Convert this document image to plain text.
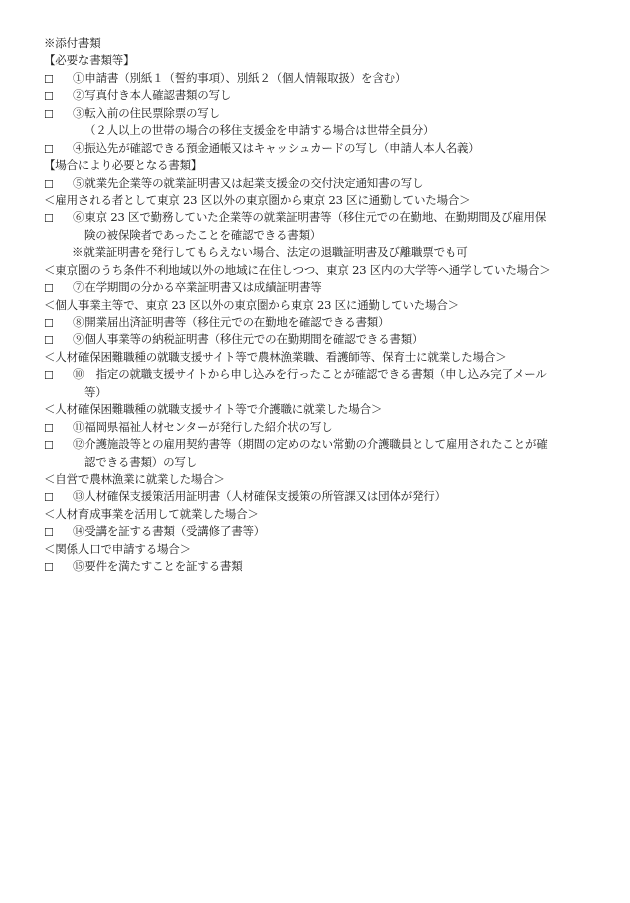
※添付書類
【必要な書類等】
☐ ①申請書（別紙１（誓約事項）、別紙２（個人情報取扱）を含む）
☐ ②写真付き本人確認書類の写し
☐ ③転入前の住民票除票の写し
（２人以上の世帯の場合の移住支援金を申請する場合は世帯全員分）
☐ ④振込先が確認できる預金通帳又はキャッシュカードの写し（申請人本人名義）
【場合により必要となる書類】
☐ ⑤就業先企業等の就業証明書又は起業支援金の交付決定通知書の写し
＜雇用される者として東京 23 区以外の東京圏から東京 23 区に通勤していた場合＞
☐ ⑥東京 23 区で勤務していた企業等の就業証明書等（移住元での在勤地、在勤期間及び雇用保
険の被保険者であったことを確認できる書類）
※就業証明書を発行してもらえない場合、法定の退職証明書及び離職票でも可
＜東京圏のうち条件不利地域以外の地域に在住しつつ、東京 23 区内の大学等へ通学していた場合＞
☐ ⑦在学期間の分かる卒業証明書又は成績証明書等
＜個人事業主等で、東京 23 区以外の東京圏から東京 23 区に通勤していた場合＞
☐ ⑧開業届出済証明書等（移住元での在勤地を確認できる書類）
☐ ⑨個人事業等の納税証明書（移住元での在勤期間を確認できる書類）
＜人材確保困難職種の就職支援サイト等で農林漁業職、看護師等、保育士に就業した場合＞
☐ ⑩　指定の就職支援サイトから申し込みを行ったことが確認できる書類（申し込み完了メール
等）
＜人材確保困難職種の就職支援サイト等で介護職に就業した場合＞
☐ ⑪福岡県福祉人材センターが発行した紹介状の写し
☐ ⑫介護施設等との雇用契約書等（期間の定めのない常勤の介護職員として雇用されたことが確
認できる書類）の写し
＜自営で農林漁業に就業した場合＞
☐ ⑬人材確保支援策活用証明書（人材確保支援策の所管課又は団体が発行）
＜人材育成事業を活用して就業した場合＞
☐ ⑭受講を証する書類（受講修了書等）
＜関係人口で申請する場合＞
☐ ⑮要件を満たすことを証する書類
